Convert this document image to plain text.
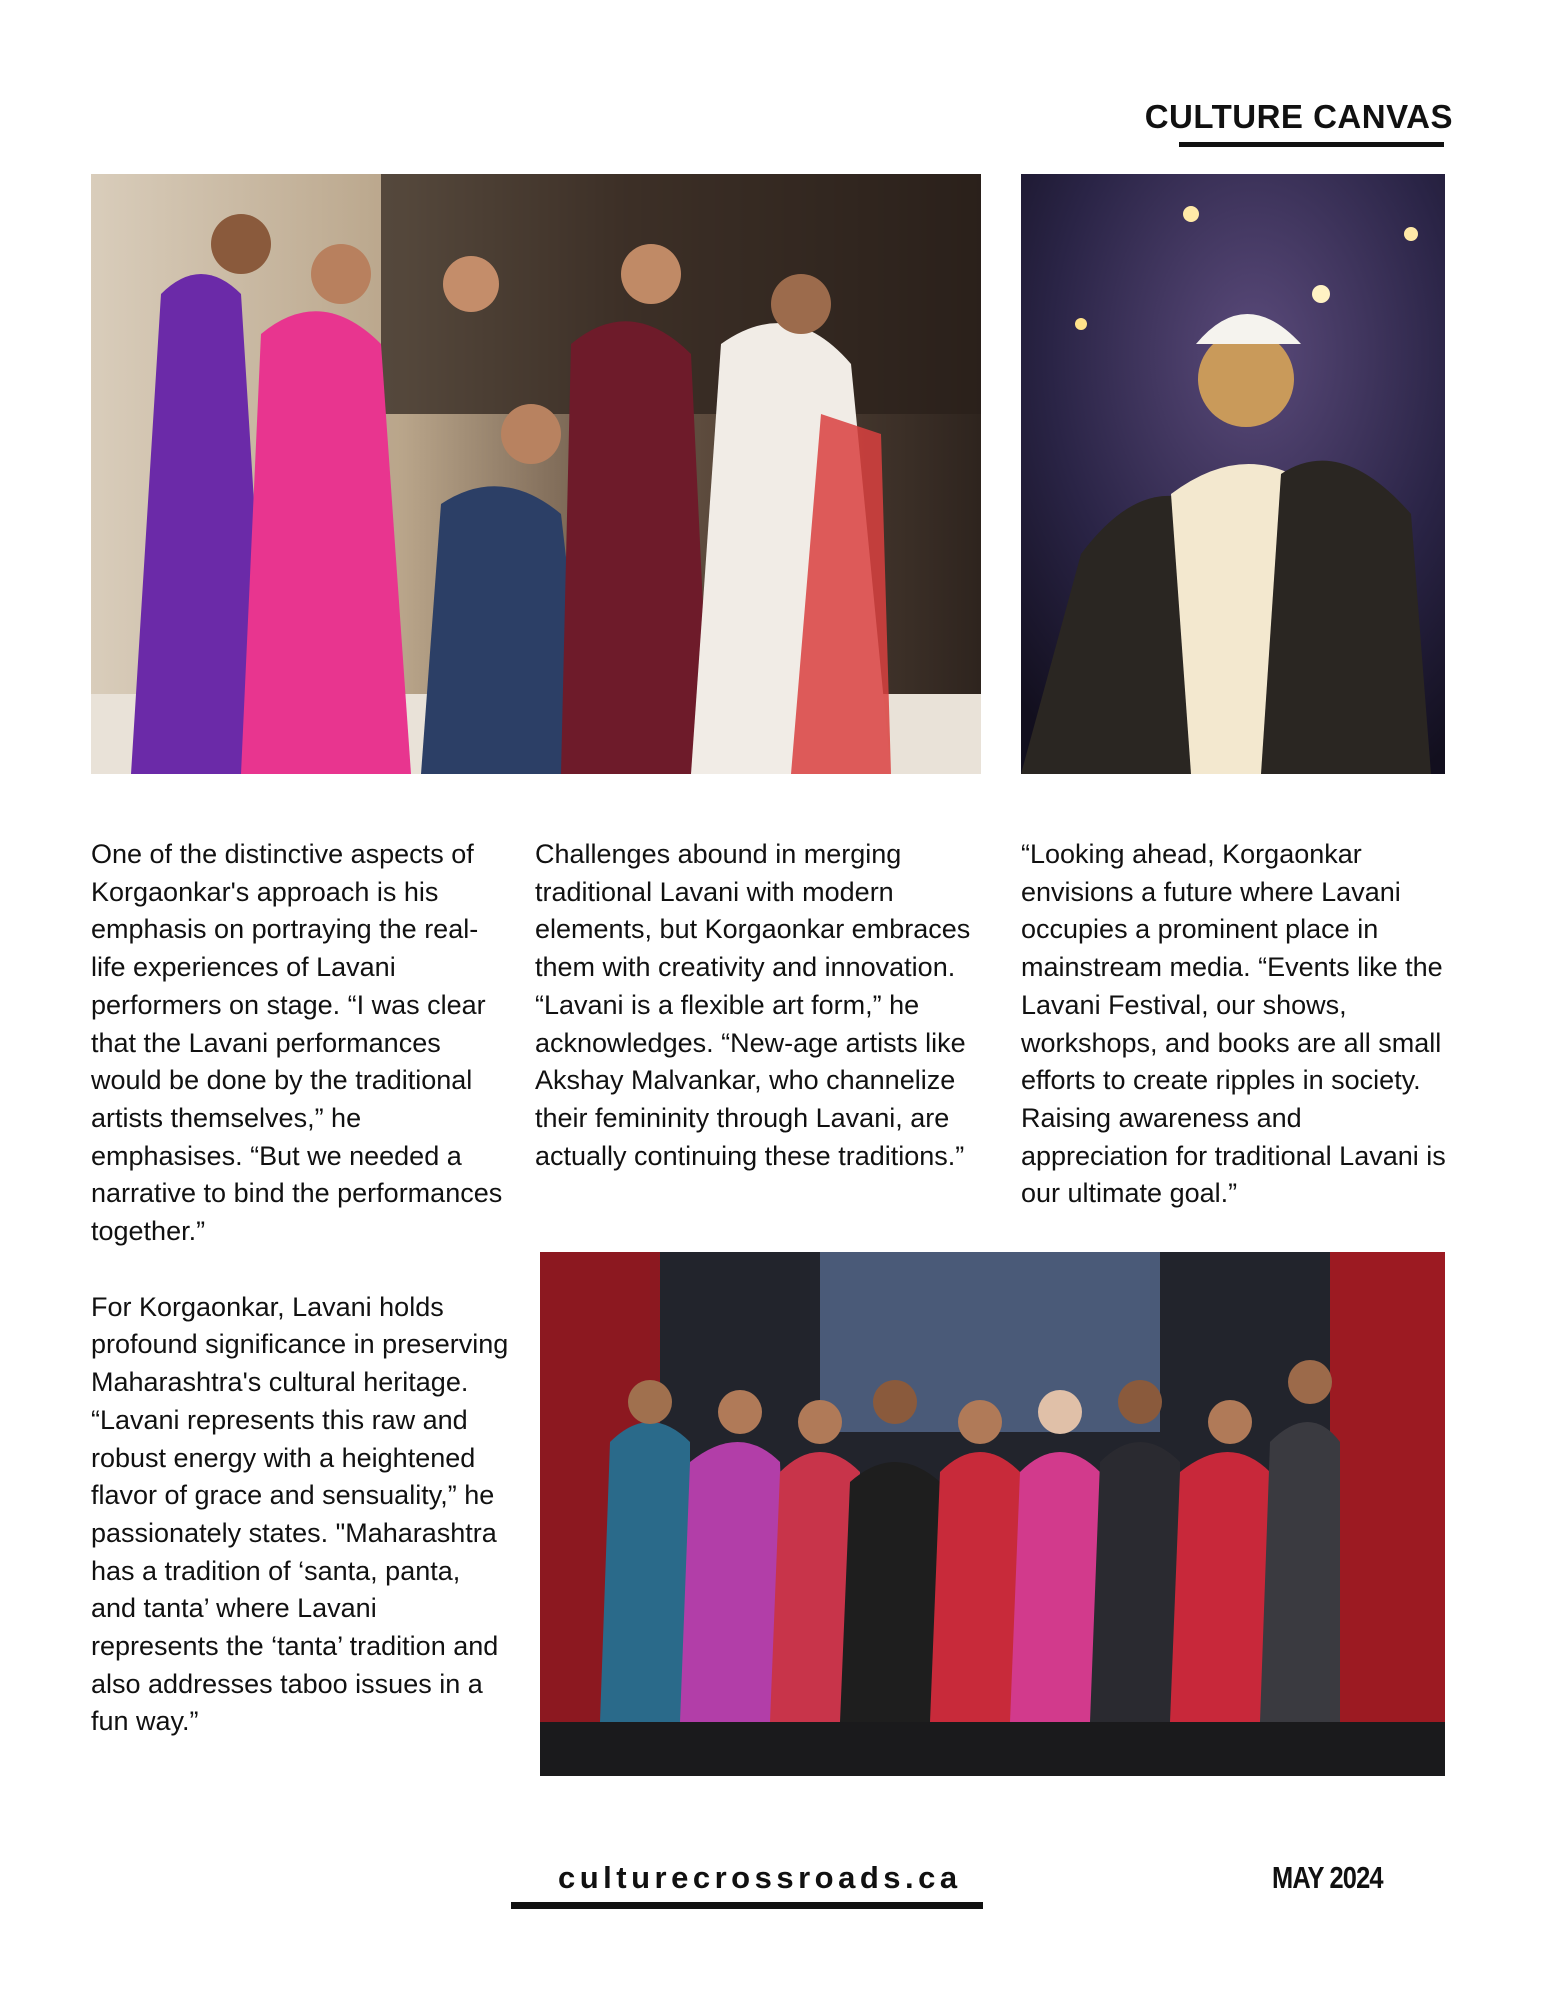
CULTURE CANVAS

One of the distinctive aspects of Korgaonkar's approach is his emphasis on portraying the real-life experiences of Lavani performers on stage. “I was clear that the Lavani performances would be done by the traditional artists themselves,” he emphasises. “But we needed a narrative to bind the performances together.”

For Korgaonkar, Lavani holds profound significance in preserving Maharashtra's cultural heritage. “Lavani represents this raw and robust energy with a heightened flavor of grace and sensuality,” he passionately states. "Maharashtra has a tradition of ‘santa, panta, and tanta’ where Lavani represents the ‘tanta’ tradition and also addresses taboo issues in a fun way.”

Challenges abound in merging traditional Lavani with modern elements, but Korgaonkar embraces them with creativity and innovation. “Lavani is a flexible art form,” he acknowledges. “New-age artists like Akshay Malvankar, who channelize their femininity through Lavani, are actually continuing these traditions.”

“Looking ahead, Korgaonkar envisions a future where Lavani occupies a prominent place in mainstream media. “Events like the Lavani Festival, our shows, workshops, and books are all small efforts to create ripples in society. Raising awareness and appreciation for traditional Lavani is our ultimate goal.”

culturecrossroads.ca	MAY 2024
